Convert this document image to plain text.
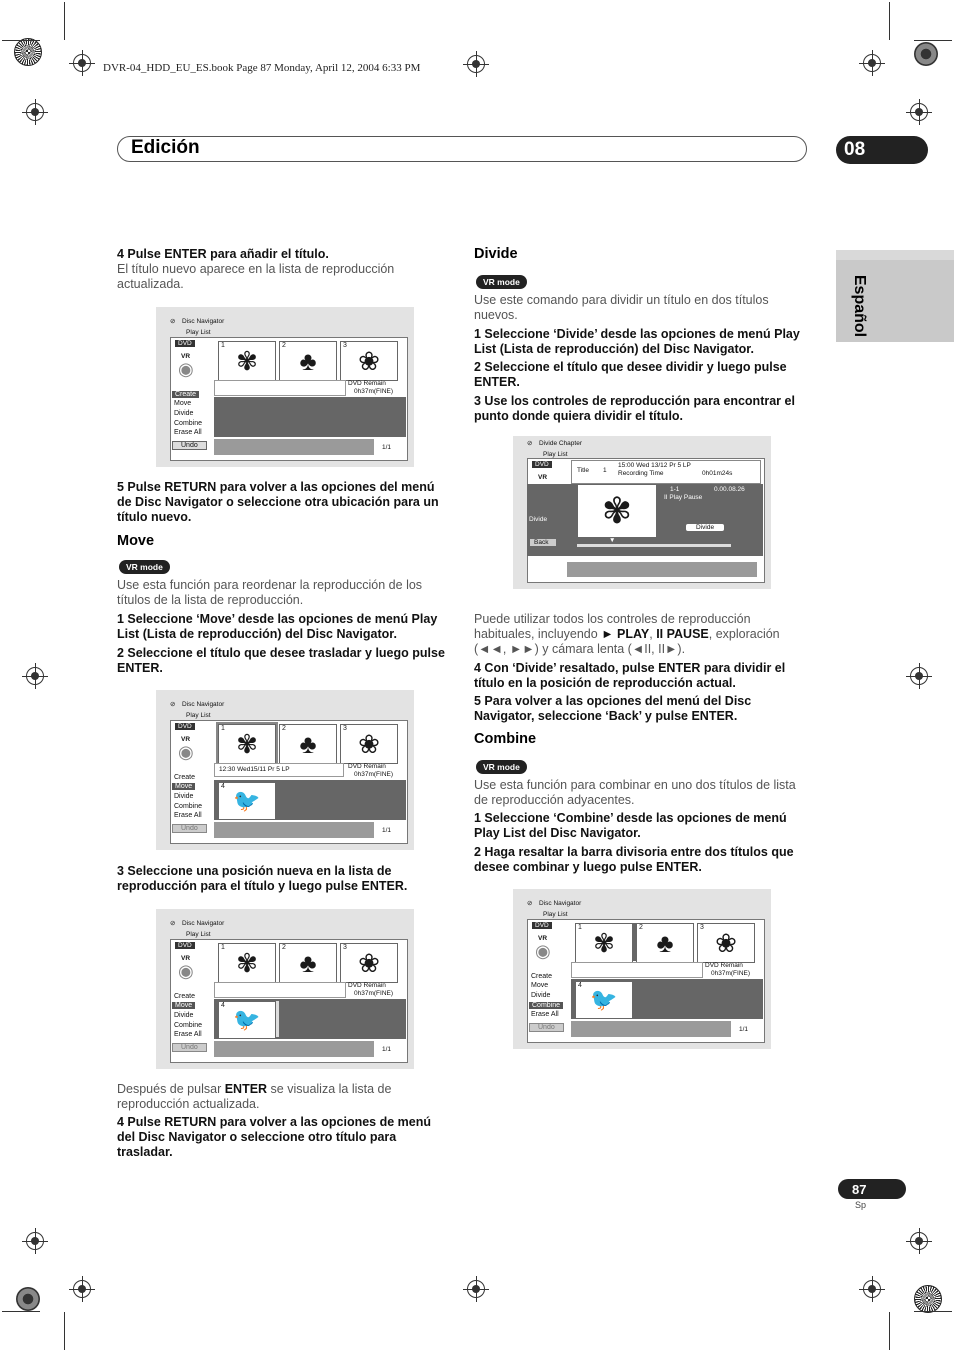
DVR-04_HDD_EU_ES.book Page 87 Monday, April 12, 2004 6:33 PM
Edición	08
Español
4 Pulse ENTER para añadir el título.
El título nuevo aparece en la lista de reproducción actualizada.
⊘ Disc Navigator
Play List
DVD
VR
◉
1 ✾	2 ♣	3 ❀
DVD Remain
0h37m(FINE)
Create
Move
Divide
Combine
Erase All
Undo	1/1
5 Pulse RETURN para volver a las opciones del menú de Disc Navigator o seleccione otra ubicación para un título nuevo.
Move
VR mode
Use esta función para reordenar la reproducción de los títulos de la lista de reproducción.
1 Seleccione ‘Move’ desde las opciones de menú Play List (Lista de reproducción) del Disc Navigator.
2 Seleccione el título que desee trasladar y luego pulse ENTER.
⊘ Disc Navigator
Play List
DVD
VR
◉
1 ✾	2 ♣	3 ❀
12:30 Wed15/11 Pr 5 LP	DVD Remain
0h37m(FINE)
4
🐦
Create
Move
Divide
Combine
Erase All
Undo	1/1
3 Seleccione una posición nueva en la lista de reproducción para el título y luego pulse ENTER.
⊘ Disc Navigator
Play List
DVD
VR
◉
1 ✾	2 ♣	3 ❀
DVD Remain
0h37m(FINE)
4
🐦
Create
Move
Divide
Combine
Erase All
Undo	1/1
Después de pulsar ENTER se visualiza la lista de reproducción actualizada.
4 Pulse RETURN para volver a las opciones de menú del Disc Navigator o seleccione otro título para trasladar.
Divide
VR mode
Use este comando para dividir un título en dos títulos nuevos.
1 Seleccione ‘Divide’ desde las opciones de menú Play List (Lista de reproducción) del Disc Navigator.
2 Seleccione el título que desee dividir y luego pulse ENTER.
3 Use los controles de reproducción para encontrar el punto donde quiera dividir el título.
⊘ Divide Chapter
Play List
DVD
VR
Title 1
15:00 Wed 13/12 Pr 5 LP
Recording Time	0h01m24s
✾
1-1	0.00.08.26
II Play Pause
Divide
Divide
Back	▼
Puede utilizar todos los controles de reproducción habituales, incluyendo ► PLAY, II PAUSE, exploración (◄◄, ►►) y cámara lenta (◄II, II►).
4 Con ‘Divide’ resaltado, pulse ENTER para dividir el título en la posición de reproducción actual.
5 Para volver a las opciones del menú del Disc Navigator, seleccione ‘Back’ y pulse ENTER.
Combine
VR mode
Use esta función para combinar en uno dos títulos de lista de reproducción adyacentes.
1 Seleccione ‘Combine’ desde las opciones de menú Play List del Disc Navigator.
2 Haga resaltar la barra divisoria entre dos títulos que desee combinar y luego pulse ENTER.
⊘ Disc Navigator
Play List
DVD
VR
◉
1 ✾	2 ♣	3 ❀
DVD Remain
0h37m(FINE)
4
🐦
Create
Move
Divide
Combine
Erase All
Undo	1/1
87
Sp
